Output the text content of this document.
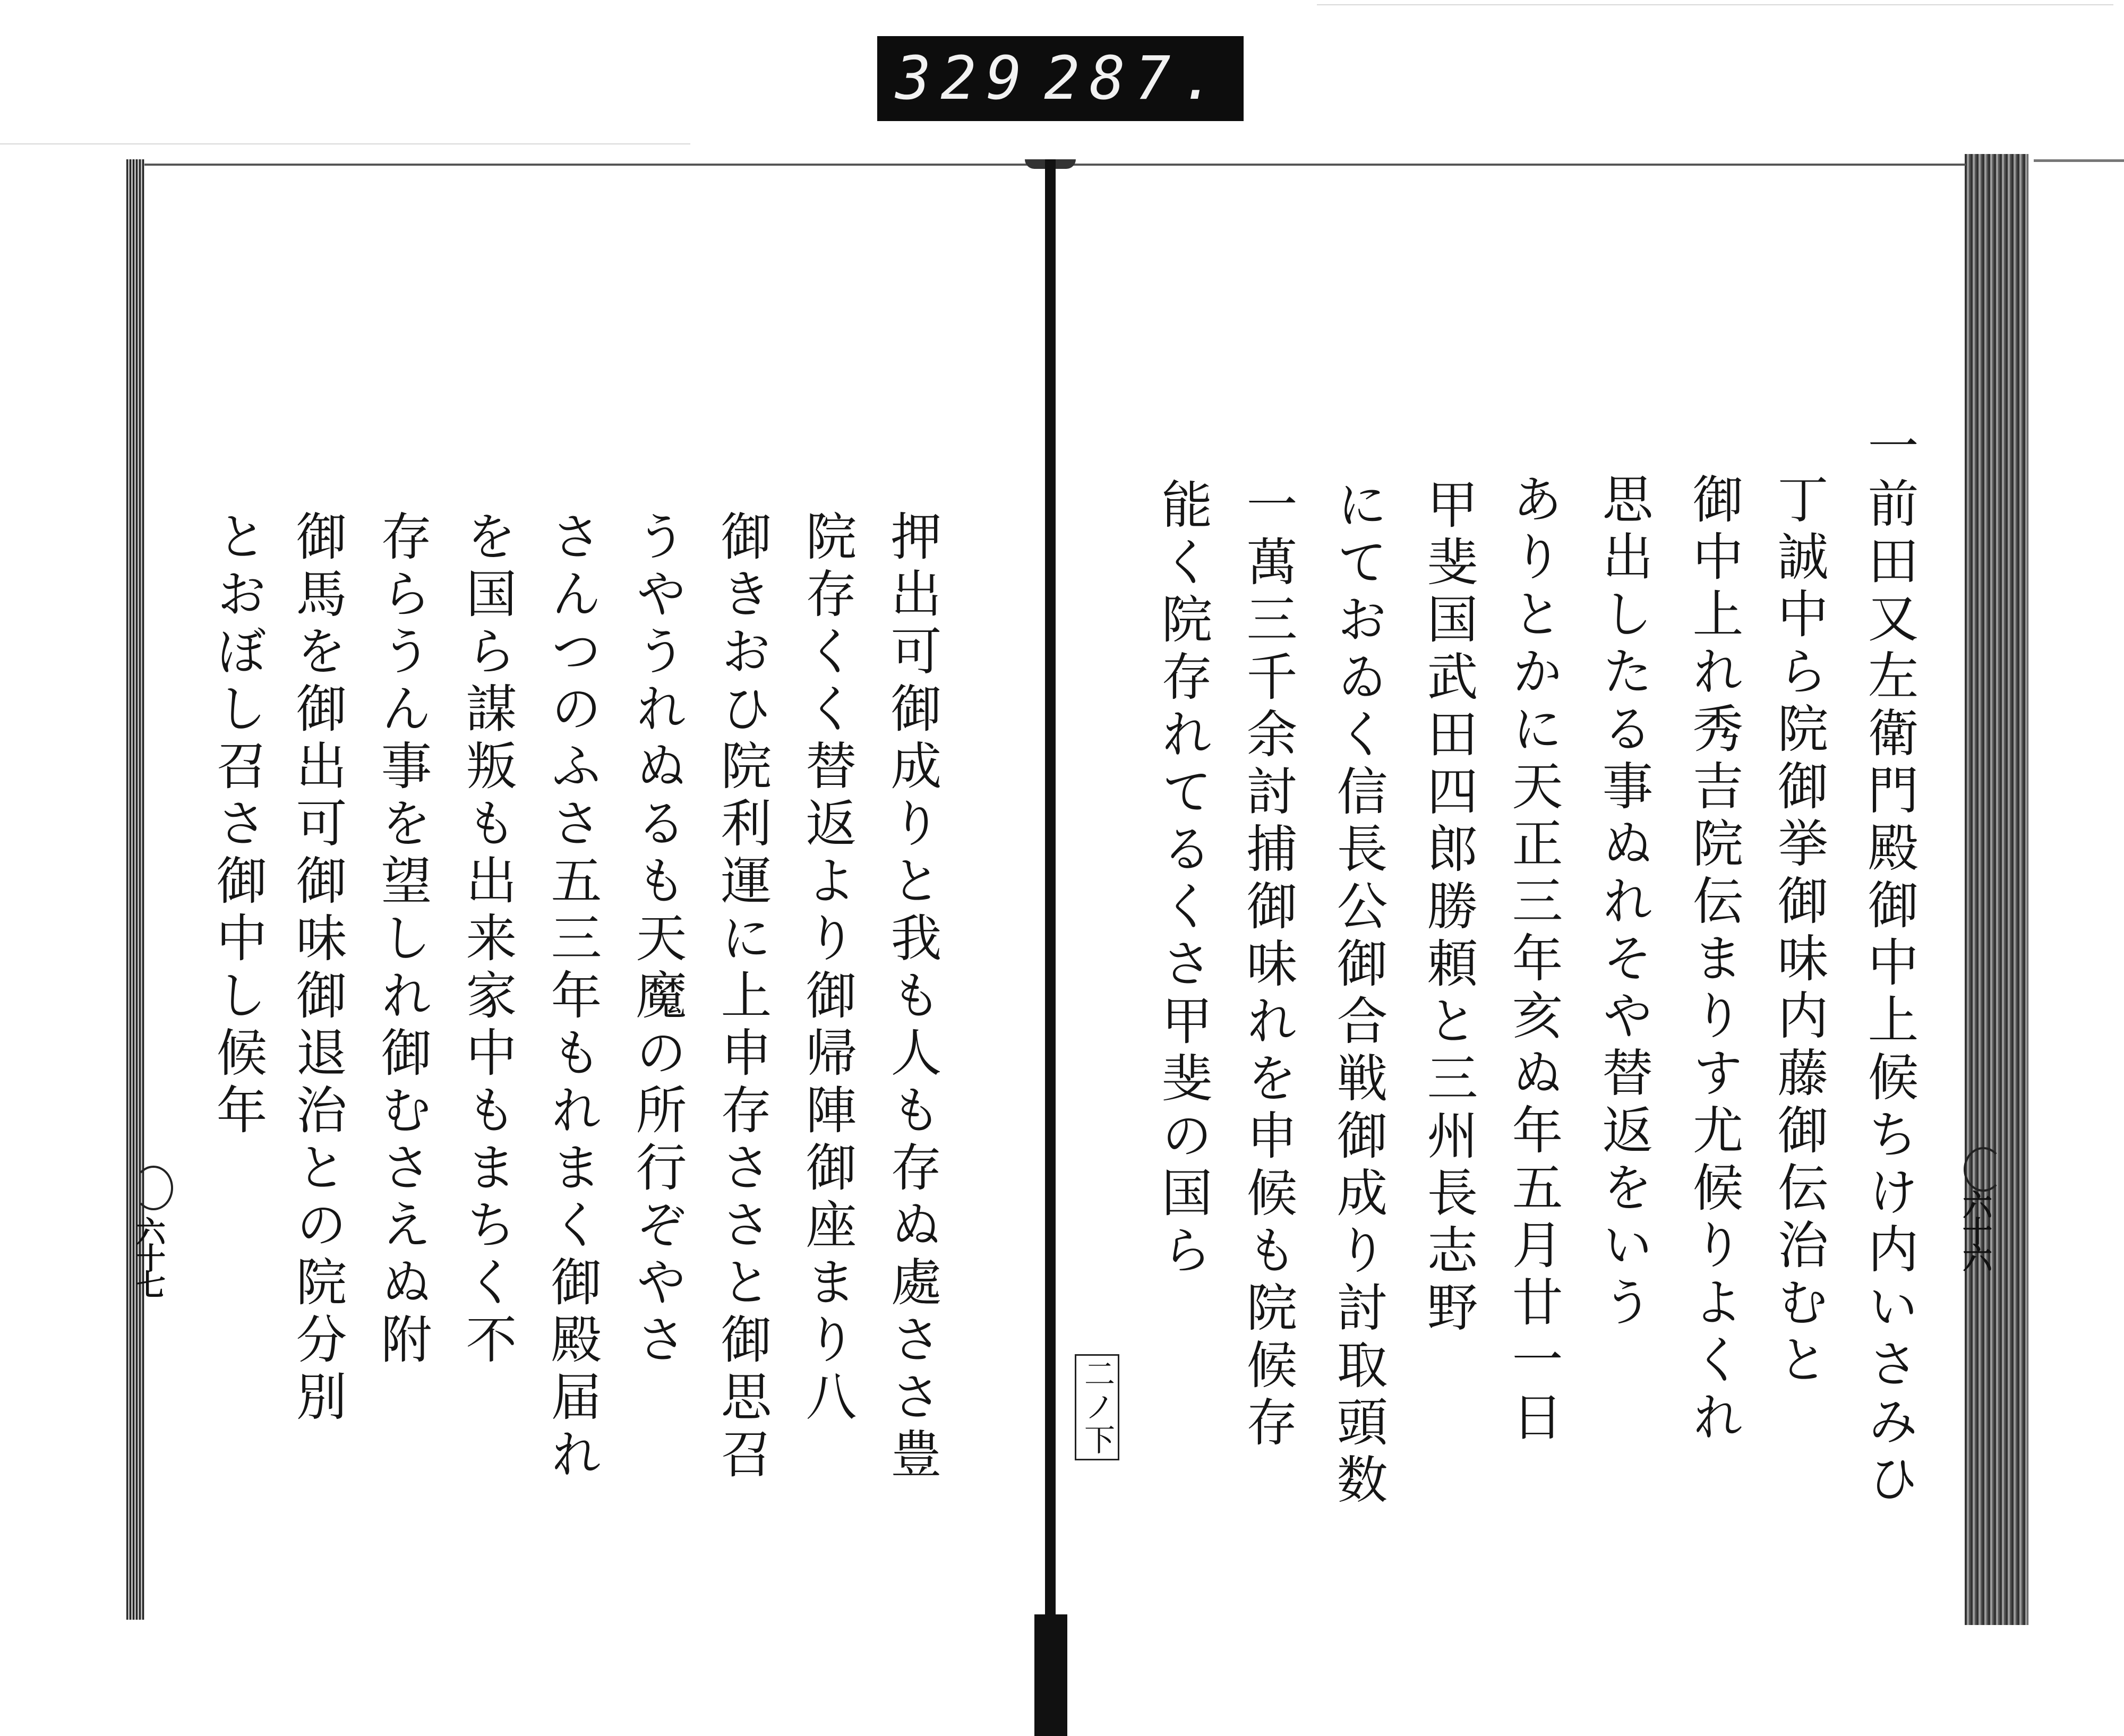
329 287.
六十七	六十六
二ノ下	一前田又左衛門殿御中上候ちけ内いさみひ
丁誠中ら院御挙御味内藤御伝治むと
御中上れ秀吉院伝まりす尤候りよくれ
思出したる事ぬれそや替返をいう
ありとかに天正三年亥ぬ年五月廿一日
甲斐国武田四郎勝頼と三州長志野
にておゐく信長公御合戦御成り討取頭数
一萬三千余討捕御味れを申候も院候存
能く院存れてるくさ甲斐の国ら
押出可御成りと我も人も存ぬ處ささ豊
院存くく替返より御帰陣御座まり八
御きおひ院利運に上申存ささと御思召
うやうれぬるも天魔の所行ぞやさ
さんつのふさ五三年もれまく御殿届れ
を国ら謀叛も出来家中もまちく不
存らうん事を望しれ御むさえぬ附
御馬を御出可御味御退治との院分別
とおぼし召さ御中し候年
